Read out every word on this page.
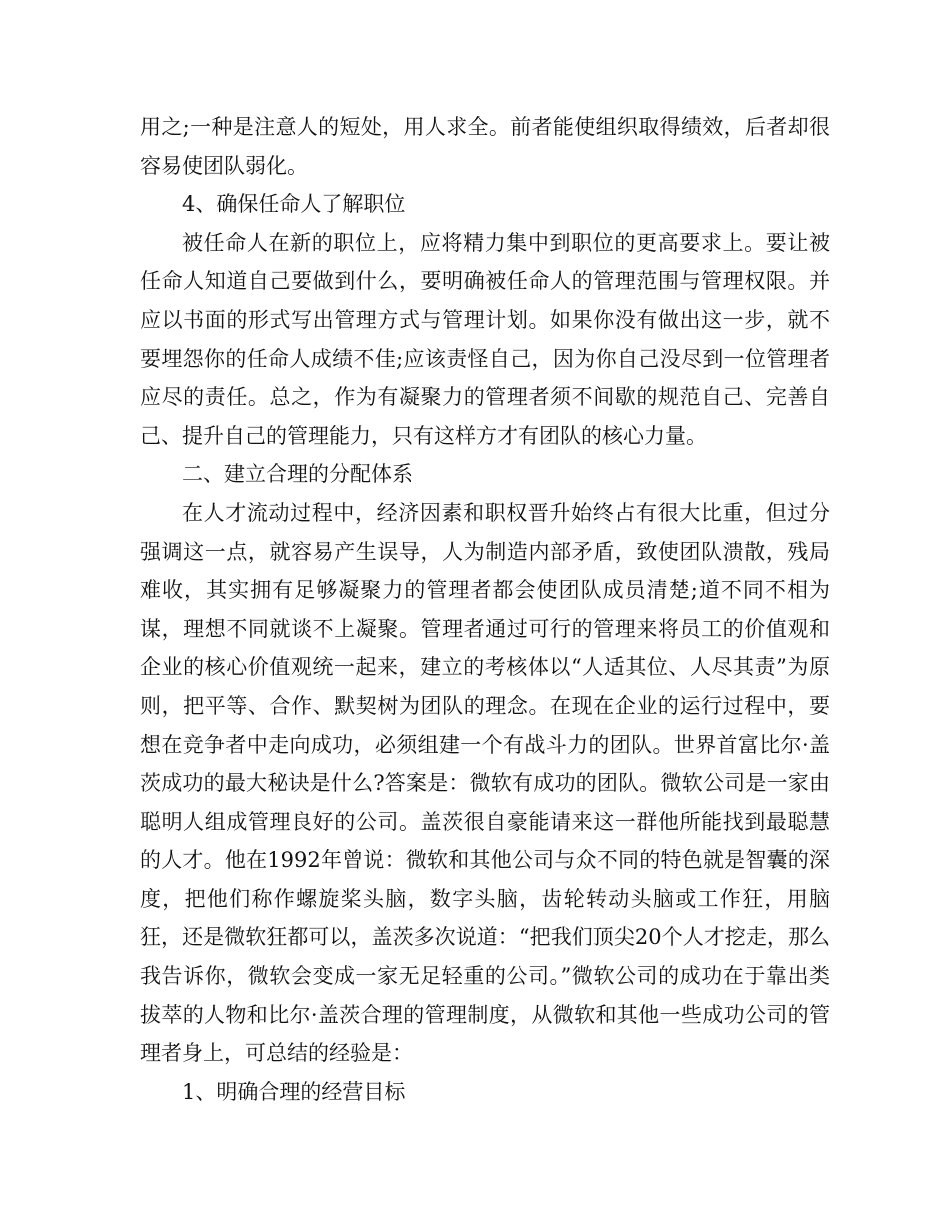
用之;一种是注意人的短处，用人求全。前者能使组织取得绩效，后者却很容易使团队弱化。

4、确保任命人了解职位

被任命人在新的职位上，应将精力集中到职位的更高要求上。要让被任命人知道自己要做到什么，要明确被任命人的管理范围与管理权限。并应以书面的形式写出管理方式与管理计划。如果你没有做出这一步，就不要埋怨你的任命人成绩不佳;应该责怪自己，因为你自己没尽到一位管理者应尽的责任。总之，作为有凝聚力的管理者须不间歇的规范自己、完善自己、提升自己的管理能力，只有这样方才有团队的核心力量。

二、建立合理的分配体系

在人才流动过程中，经济因素和职权晋升始终占有很大比重，但过分强调这一点，就容易产生误导，人为制造内部矛盾，致使团队溃散，残局难收，其实拥有足够凝聚力的管理者都会使团队成员清楚;道不同不相为谋，理想不同就谈不上凝聚。管理者通过可行的管理来将员工的价值观和企业的核心价值观统一起来，建立的考核体以“人适其位、人尽其责”为原则，把平等、合作、默契树为团队的理念。在现在企业的运行过程中，要想在竞争者中走向成功，必须组建一个有战斗力的团队。世界首富比尔·盖茨成功的最大秘诀是什么?答案是：微软有成功的团队。微软公司是一家由聪明人组成管理良好的公司。盖茨很自豪能请来这一群他所能找到最聪慧的人才。他在1992年曾说：微软和其他公司与众不同的特色就是智囊的深度，把他们称作螺旋桨头脑，数字头脑，齿轮转动头脑或工作狂，用脑狂，还是微软狂都可以，盖茨多次说道：“把我们顶尖20个人才挖走，那么我告诉你，微软会变成一家无足轻重的公司。”微软公司的成功在于靠出类拔萃的人物和比尔·盖茨合理的管理制度，从微软和其他一些成功公司的管理者身上，可总结的经验是：

1、明确合理的经营目标
